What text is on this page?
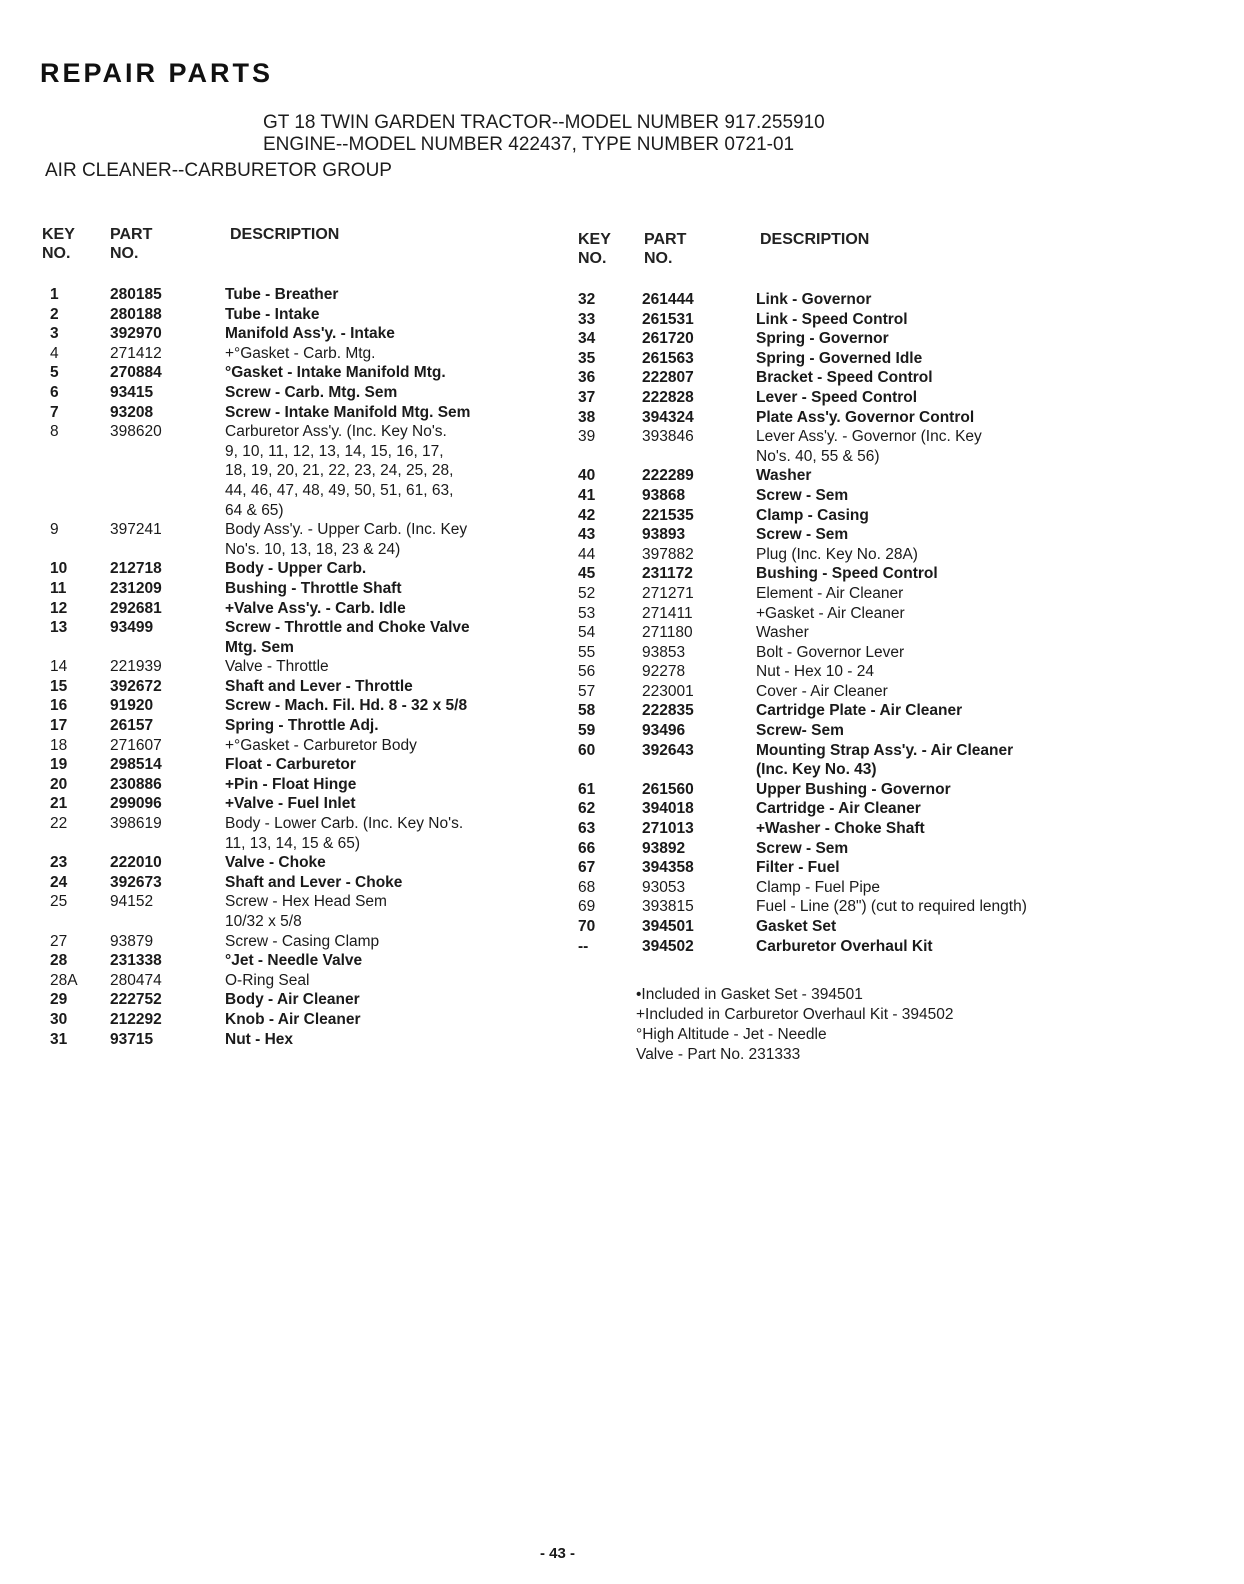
REPAIR PARTS
GT 18 TWIN GARDEN TRACTOR--MODEL NUMBER 917.255910
ENGINE--MODEL NUMBER 422437, TYPE NUMBER 0721-01
AIR CLEANER--CARBURETOR GROUP
KEY
NO.
PART
NO.
DESCRIPTION
1	280185	Tube - Breather
2	280188	Tube - Intake
3	392970	Manifold Ass'y. - Intake
4	271412	+°Gasket - Carb. Mtg.
5	270884	°Gasket - Intake Manifold Mtg.
6	93415	Screw - Carb. Mtg. Sem
7	93208	Screw - Intake Manifold Mtg. Sem
8	398620	Carburetor Ass'y. (Inc. Key No's.
9, 10, 11, 12, 13, 14, 15, 16, 17,
18, 19, 20, 21, 22, 23, 24, 25, 28,
44, 46, 47, 48, 49, 50, 51, 61, 63,
64 & 65)
9	397241	Body Ass'y. - Upper Carb. (Inc. Key
No's. 10, 13, 18, 23 & 24)
10	212718	Body - Upper Carb.
11	231209	Bushing - Throttle Shaft
12	292681	+Valve Ass'y. - Carb. Idle
13	93499	Screw - Throttle and Choke Valve
Mtg. Sem
14	221939	Valve - Throttle
15	392672	Shaft and Lever - Throttle
16	91920	Screw - Mach. Fil. Hd. 8 - 32 x 5/8
17	26157	Spring - Throttle Adj.
18	271607	+°Gasket - Carburetor Body
19	298514	Float - Carburetor
20	230886	+Pin - Float Hinge
21	299096	+Valve - Fuel Inlet
22	398619	Body - Lower Carb. (Inc. Key No's.
11, 13, 14, 15 & 65)
23	222010	Valve - Choke
24	392673	Shaft and Lever - Choke
25	94152	Screw - Hex Head Sem
10/32 x 5/8
27	93879	Screw - Casing Clamp
28	231338	°Jet - Needle Valve
28A	280474	O-Ring Seal
29	222752	Body - Air Cleaner
30	212292	Knob - Air Cleaner
31	93715	Nut - Hex
KEY
NO.
PART
NO.
DESCRIPTION
32	261444	Link - Governor
33	261531	Link - Speed Control
34	261720	Spring - Governor
35	261563	Spring - Governed Idle
36	222807	Bracket - Speed Control
37	222828	Lever - Speed Control
38	394324	Plate Ass'y. Governor Control
39	393846	Lever Ass'y. - Governor (Inc. Key
No's. 40, 55 & 56)
40	222289	Washer
41	93868	Screw - Sem
42	221535	Clamp - Casing
43	93893	Screw - Sem
44	397882	Plug (Inc. Key No. 28A)
45	231172	Bushing - Speed Control
52	271271	Element - Air Cleaner
53	271411	+Gasket - Air Cleaner
54	271180	Washer
55	93853	Bolt - Governor Lever
56	92278	Nut - Hex 10 - 24
57	223001	Cover - Air Cleaner
58	222835	Cartridge Plate - Air Cleaner
59	93496	Screw- Sem
60	392643	Mounting Strap Ass'y. - Air Cleaner
(Inc. Key No. 43)
61	261560	Upper Bushing - Governor
62	394018	Cartridge - Air Cleaner
63	271013	+Washer - Choke Shaft
66	93892	Screw - Sem
67	394358	Filter - Fuel
68	93053	Clamp - Fuel Pipe
69	393815	Fuel - Line (28") (cut to required length)
70	394501	Gasket Set
--	394502	Carburetor Overhaul Kit
•Included in Gasket Set - 394501
+Included in Carburetor Overhaul Kit - 394502
°High Altitude - Jet - Needle
Valve - Part No. 231333
- 43 -
